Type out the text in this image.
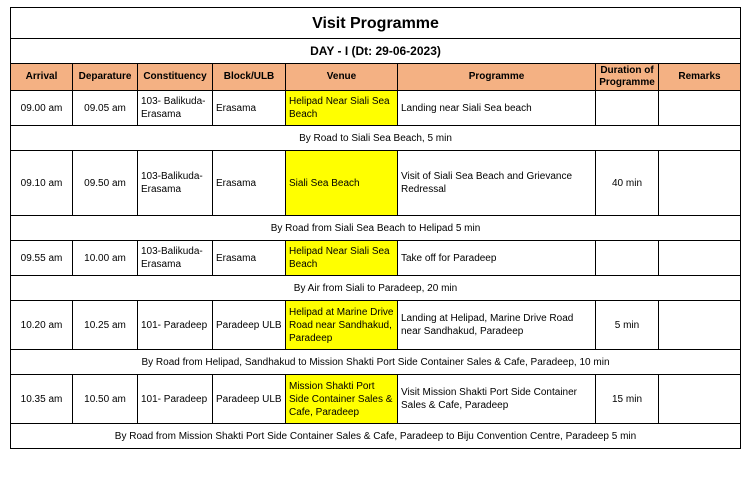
Visit Programme							
DAY - I (Dt: 29-06-2023)							
Arrival	Deparature	Constituency	Block/ULB	Venue	Programme	Duration of Programme	Remarks
09.00 am	09.05 am	103- Balikuda-Erasama	Erasama	Helipad Near Siali Sea Beach	Landing near Siali Sea beach		
By Road to Siali Sea Beach, 5 min							
09.10 am	09.50 am	103-Balikuda-Erasama	Erasama	Siali Sea Beach	Visit of Siali Sea Beach and Grievance Redressal	40 min	
By Road from Siali Sea Beach to Helipad 5 min							
09.55 am	10.00 am	103-Balikuda-Erasama	Erasama	Helipad Near Siali Sea Beach	Take off for Paradeep		
By Air from Siali to Paradeep, 20 min							
10.20 am	10.25 am	101- Paradeep	Paradeep ULB	Helipad at Marine Drive Road near Sandhakud, Paradeep	Landing at Helipad, Marine Drive Road near Sandhakud, Paradeep	5 min	
By Road from Helipad, Sandhakud to Mission Shakti Port Side Container Sales & Cafe, Paradeep, 10 min							
10.35 am	10.50 am	101- Paradeep	Paradeep ULB	Mission Shakti Port Side Container Sales & Cafe, Paradeep	Visit Mission Shakti Port Side Container Sales & Cafe, Paradeep	15 min	
By Road from Mission Shakti Port Side Container Sales & Cafe, Paradeep to Biju Convention Centre, Paradeep 5 min							
